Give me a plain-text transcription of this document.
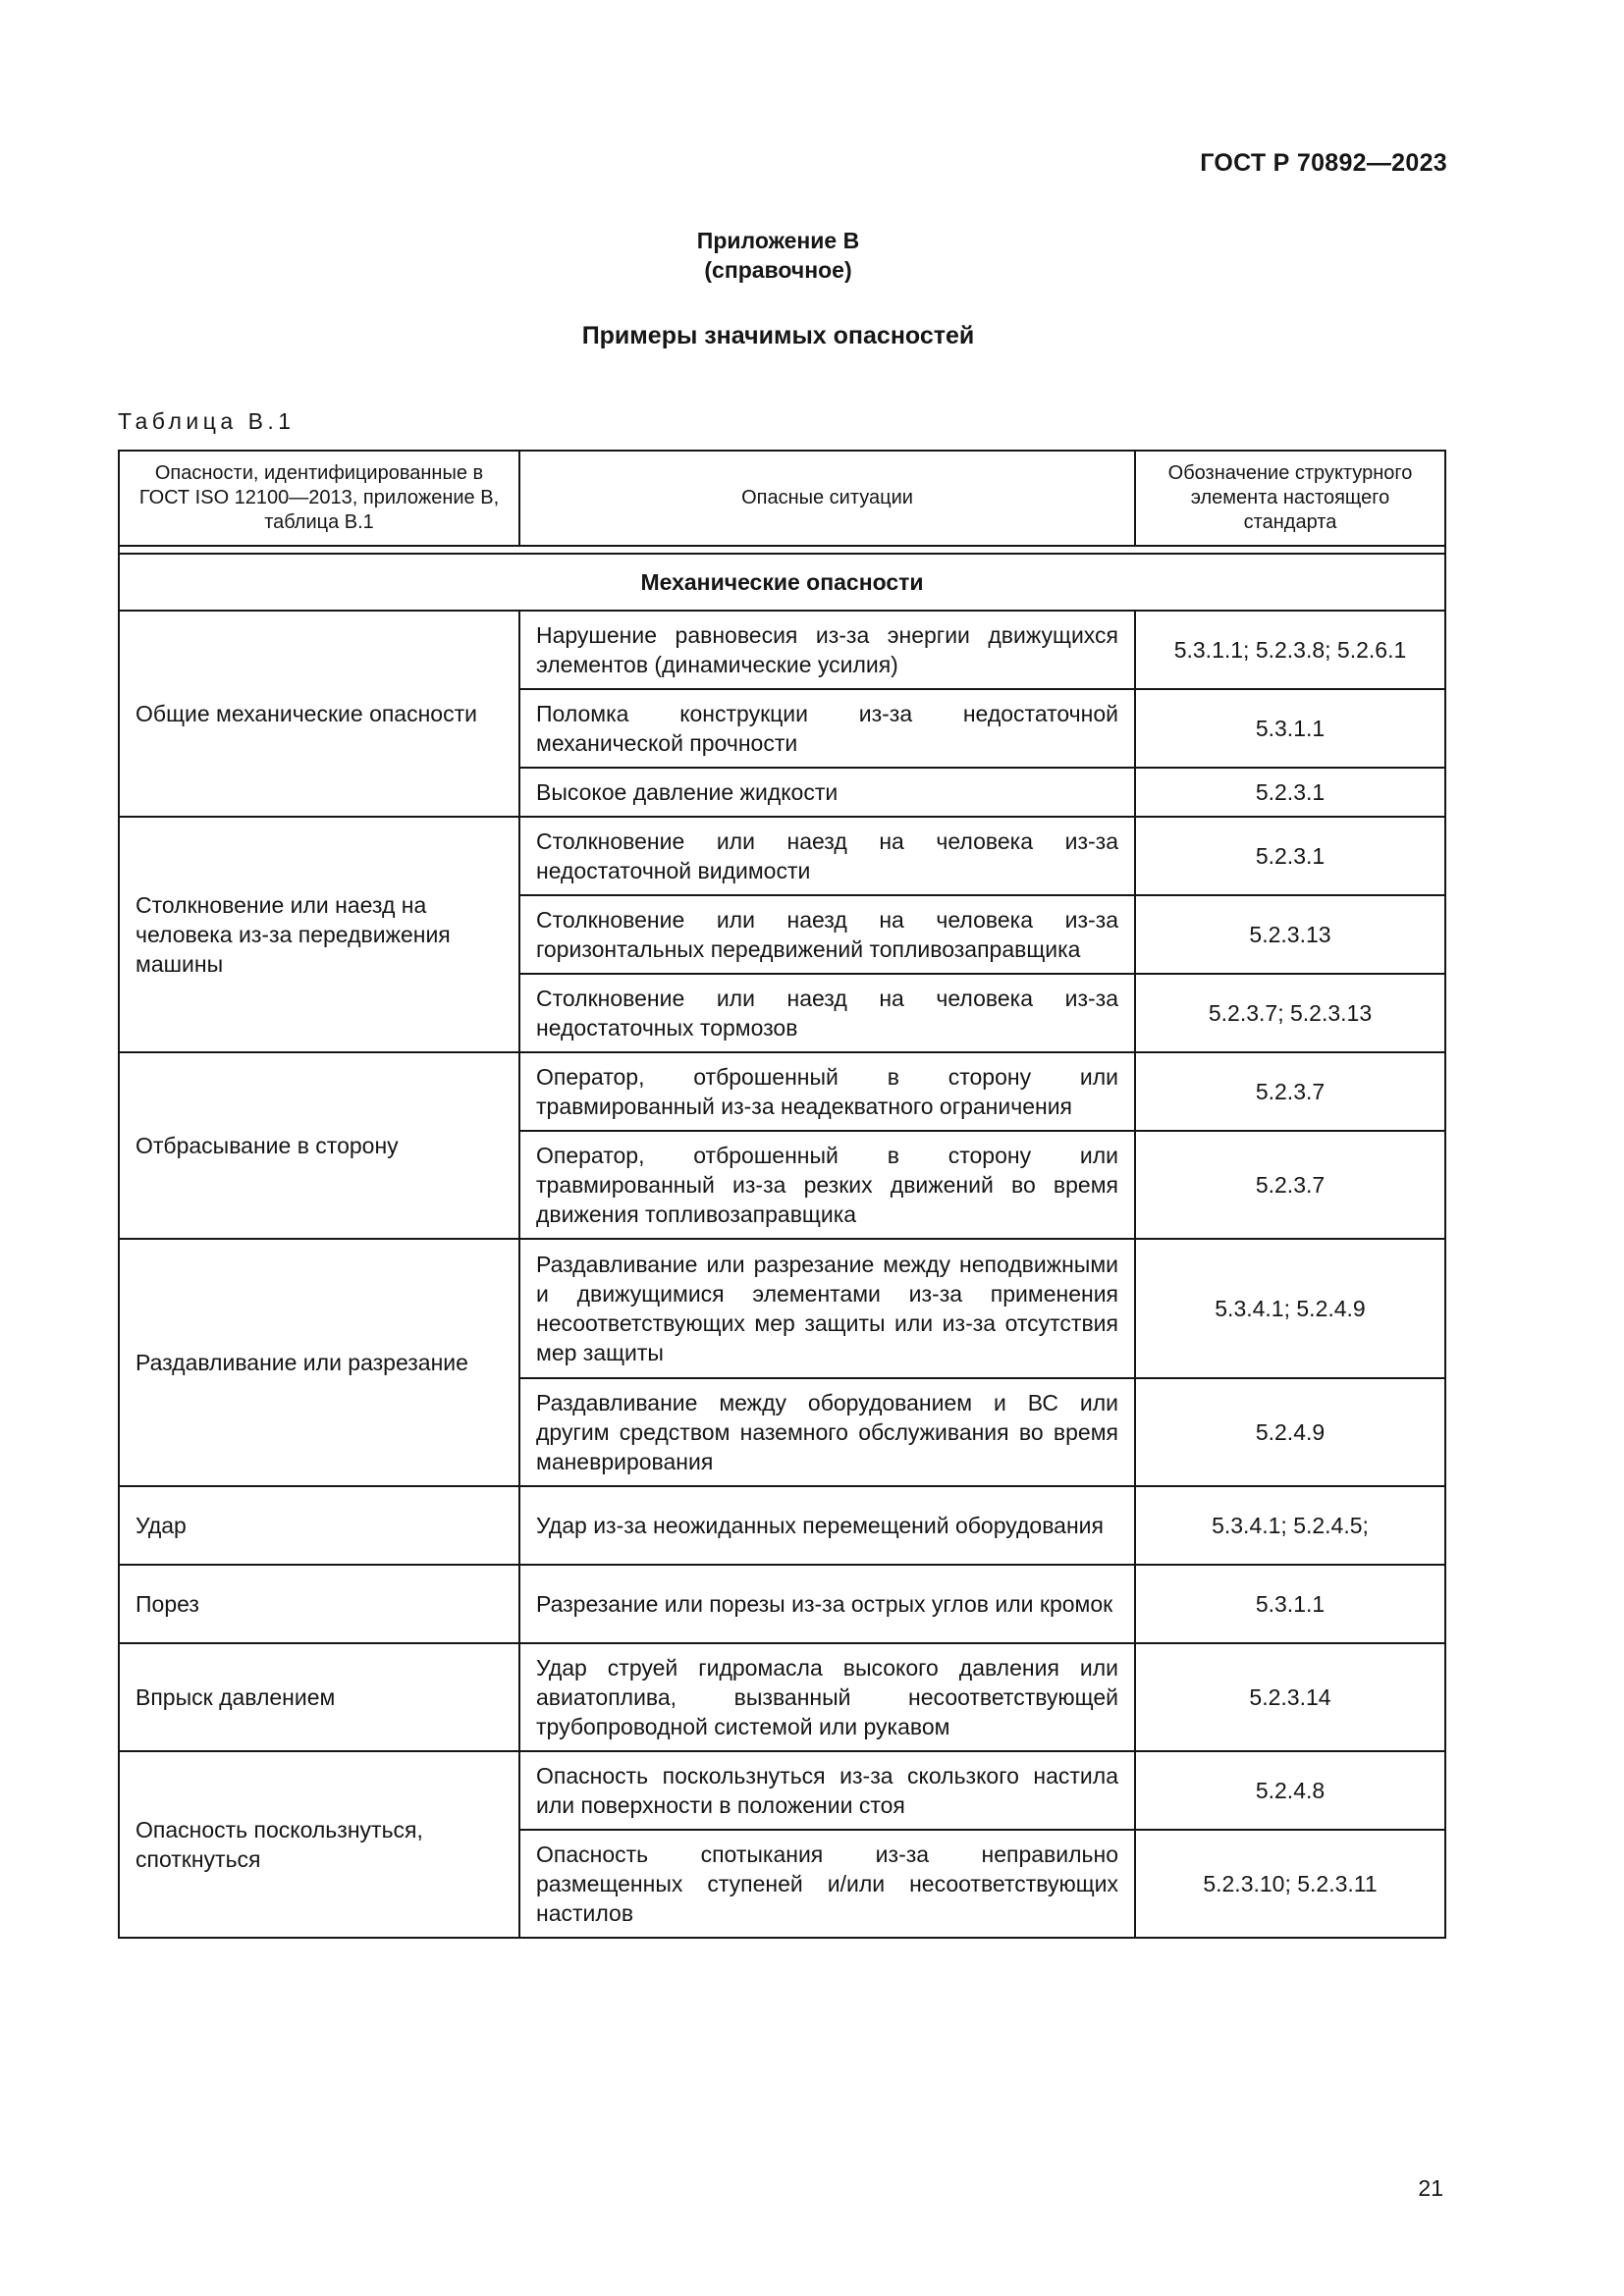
ГОСТ Р 70892—2023
Приложение В
(справочное)
Примеры значимых опасностей
Таблица В.1
Опасности, идентифицированные в ГОСТ ISO 12100—2013, приложение В, таблица В.1	Опасные ситуации	Обозначение структурного элемента настоящего стандарта

Механические опасности		
Общие механические опасности	Нарушение равновесия из-за энергии движущихся элементов (динамические усилия)	5.3.1.1; 5.2.3.8; 5.2.6.1
	Поломка конструкции из-за недостаточной механической прочности	5.3.1.1
	Высокое давление жидкости	5.2.3.1
Столкновение или наезд на человека из-за передвижения машины	Столкновение или наезд на человека из-за недостаточной видимости	5.2.3.1
	Столкновение или наезд на человека из-за горизонтальных передвижений топливозаправщика	5.2.3.13
	Столкновение или наезд на человека из-за недостаточных тормозов	5.2.3.7; 5.2.3.13
Отбрасывание в сторону	Оператор, отброшенный в сторону или травмированный из-за неадекватного ограничения	5.2.3.7
	Оператор, отброшенный в сторону или травмированный из-за резких движений во время движения топливозаправщика	5.2.3.7
Раздавливание или разрезание	Раздавливание или разрезание между неподвижными и движущимися элементами из-за применения несоответствующих мер защиты или из-за отсутствия мер защиты	5.3.4.1; 5.2.4.9
	Раздавливание между оборудованием и ВС или другим средством наземного обслуживания во время маневрирования	5.2.4.9
Удар	Удар из-за неожиданных перемещений оборудования	5.3.4.1; 5.2.4.5;
Порез	Разрезание или порезы из-за острых углов или кромок	5.3.1.1
Впрыск давлением	Удар струей гидромасла высокого давления или авиатоплива, вызванный несоответствующей трубопроводной системой или рукавом	5.2.3.14
Опасность поскользнуться, споткнуться	Опасность поскользнуться из-за скользкого настила или поверхности в положении стоя	5.2.4.8
	Опасность спотыкания из-за неправильно размещенных ступеней и/или несоответствующих настилов	5.2.3.10; 5.2.3.11
21
